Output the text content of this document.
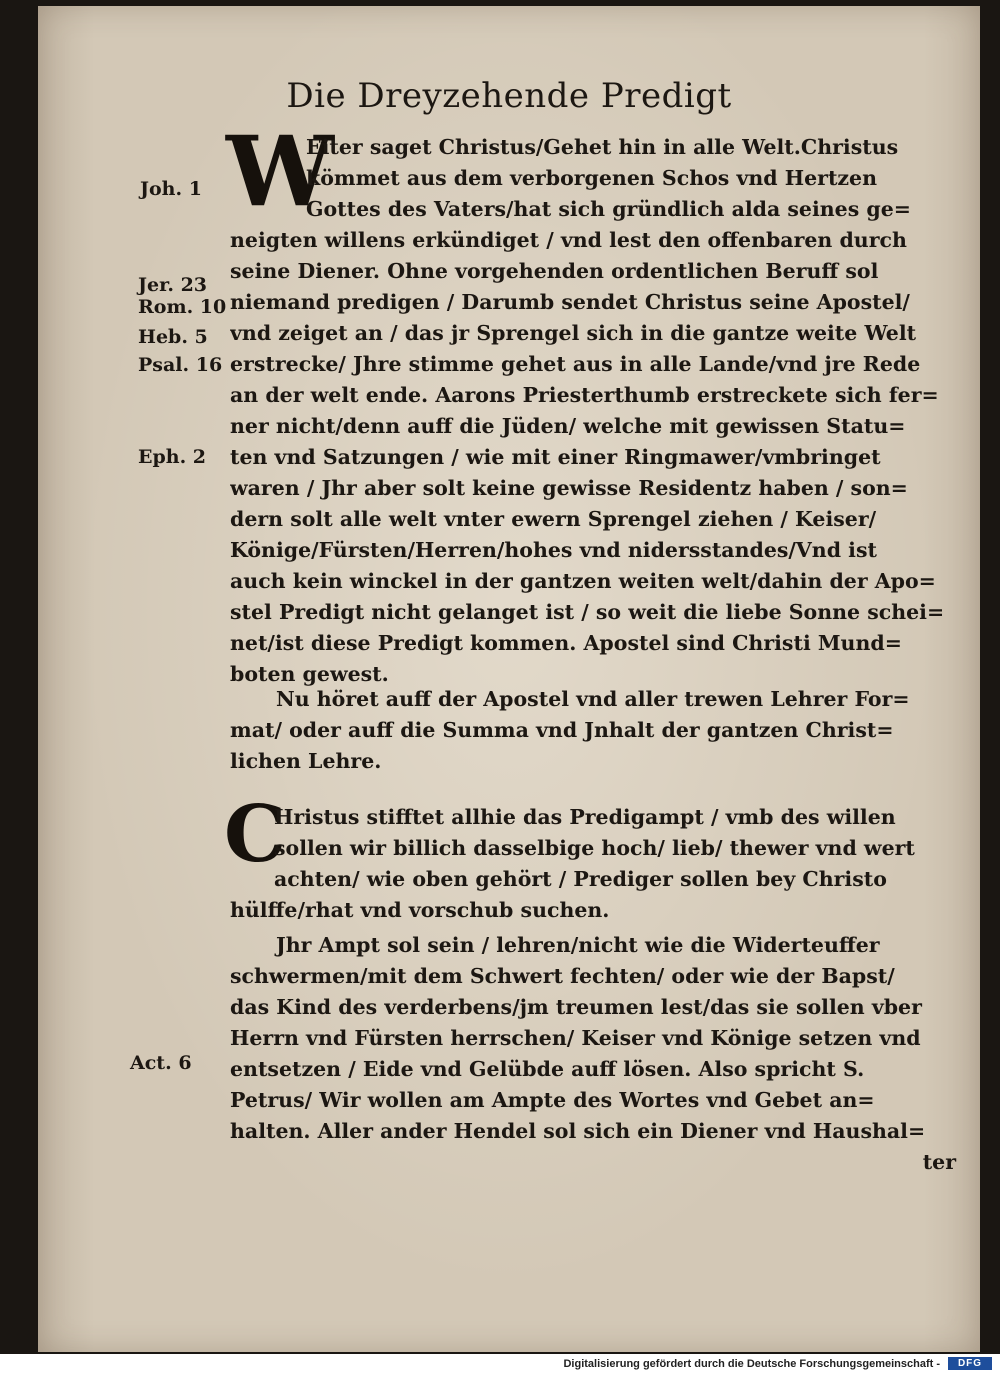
Die Dreyzehende Predigt
Joh. 1
Jer. 23
Rom. 10
Heb. 5
Psal. 16
Eph. 2
Act. 6
W
Eiter saget Christus/Gehet hin in alle Welt.Christus
kömmet aus dem verborgenen Schos vnd Hertzen
Gottes des Vaters/hat sich gründlich alda seines ge=
neigten willens erkündiget / vnd lest den offenbaren durch
seine Diener. Ohne vorgehenden ordentlichen Beruff sol
niemand predigen / Darumb sendet Christus seine Apostel/
vnd zeiget an / das jr Sprengel sich in die gantze weite Welt
erstrecke/ Jhre stimme gehet aus in alle Lande/vnd jre Rede
an der welt ende. Aarons Priesterthumb erstreckete sich fer=
ner nicht/denn auff die Jüden/ welche mit gewissen Statu=
ten vnd Satzungen / wie mit einer Ringmawer/vmbringet
waren / Jhr aber solt keine gewisse Residentz haben / son=
dern solt alle welt vnter ewern Sprengel ziehen / Keiser/
Könige/Fürsten/Herren/hohes vnd nidersstandes/Vnd ist
auch kein winckel in der gantzen weiten welt/dahin der Apo=
stel Predigt nicht gelanget ist / so weit die liebe Sonne schei=
net/ist diese Predigt kommen. Apostel sind Christi Mund=
boten gewest.
Nu höret auff der Apostel vnd aller trewen Lehrer For=
mat/ oder auff die Summa vnd Jnhalt der gantzen Christ=
lichen Lehre.
C
Hristus stifftet allhie das Predigampt / vmb des willen
sollen wir billich dasselbige hoch/ lieb/ thewer vnd wert
achten/ wie oben gehört / Prediger sollen bey Christo
hülffe/rhat vnd vorschub suchen.
Jhr Ampt sol sein / lehren/nicht wie die Widerteuffer
schwermen/mit dem Schwert fechten/ oder wie der Bapst/
das Kind des verderbens/jm treumen lest/das sie sollen vber
Herrn vnd Fürsten herrschen/ Keiser vnd Könige setzen vnd
entsetzen / Eide vnd Gelübde auff lösen. Also spricht S.
Petrus/ Wir wollen am Ampte des Wortes vnd Gebet an=
halten. Aller ander Hendel sol sich ein Diener vnd Haushal=
ter
Digitalisierung gefördert durch die Deutsche Forschungsgemeinschaft -	DFG
